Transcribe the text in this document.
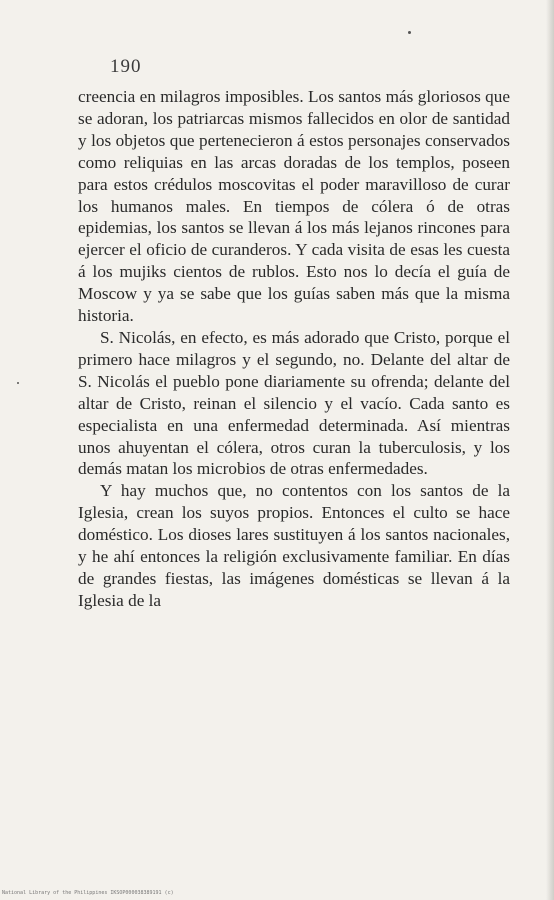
190

creencia en milagros imposibles. Los santos más gloriosos que se adoran, los patriarcas mismos fallecidos en olor de santidad y los objetos que pertenecieron á estos personajes conservados como reliquias en las arcas doradas de los templos, poseen para estos crédulos moscovitas el poder maravilloso de curar los humanos males. En tiempos de cólera ó de otras epidemias, los santos se llevan á los más lejanos rincones para ejercer el oficio de curanderos. Y cada visita de esas les cuesta á los mujiks cientos de rublos. Esto nos lo decía el guía de Moscow y ya se sabe que los guías saben más que la misma historia.

S. Nicolás, en efecto, es más adorado que Cristo, porque el primero hace milagros y el segundo, no. Delante del altar de S. Nicolás el pueblo pone diariamente su ofrenda; delante del altar de Cristo, reinan el silencio y el vacío. Cada santo es especialista en una enfermedad determinada. Así mientras unos ahuyentan el cólera, otros curan la tuberculosis, y los demás matan los microbios de otras enfermedades.

Y hay muchos que, no contentos con los santos de la Iglesia, crean los suyos propios. Entonces el culto se hace doméstico. Los dioses lares sustituyen á los santos nacionales, y he ahí entonces la religión exclusivamente familiar. En días de grandes fiestas, las imágenes domésticas se llevan á la Iglesia de la

National Library of the Philippines IKSOP000038389191 (c)
